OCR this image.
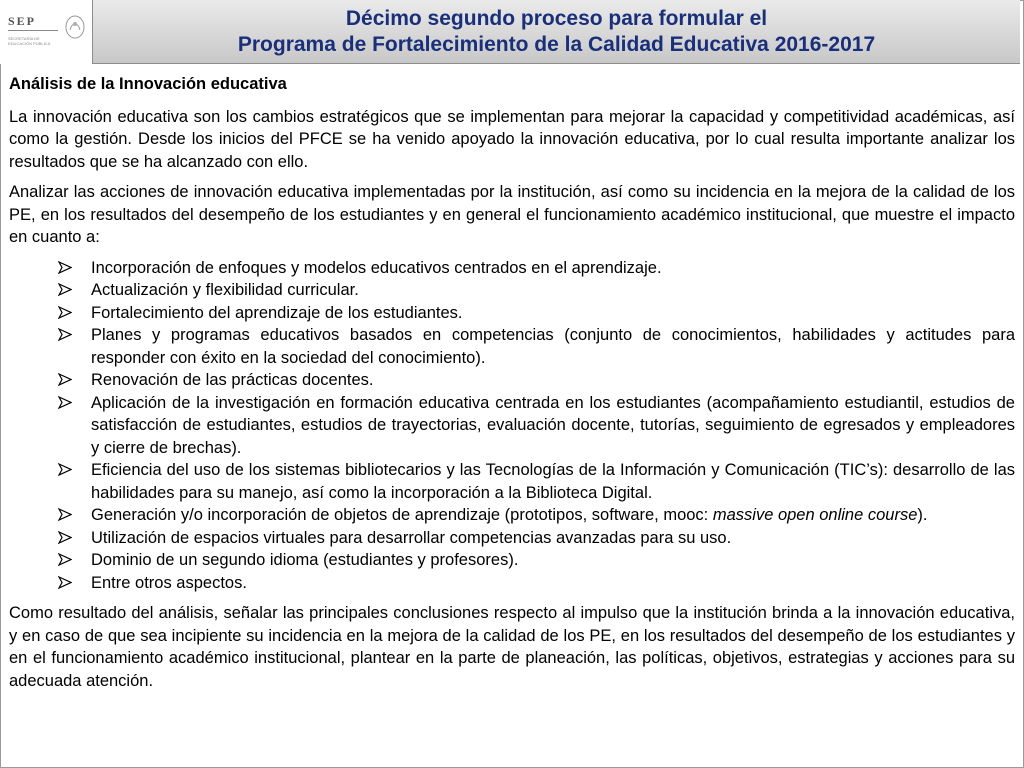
SEP
SECRETARÍA DE EDUCACIÓN PÚBLICA
Décimo segundo proceso para formular el
Programa de Fortalecimiento de la Calidad Educativa 2016-2017
Análisis de la Innovación educativa

La innovación educativa son los cambios estratégicos que se implementan para mejorar la capacidad y competitividad académicas, así como la gestión. Desde los inicios del PFCE se ha venido apoyado la innovación educativa, por lo cual resulta importante analizar los resultados que se ha alcanzado con ello.

Analizar las acciones de innovación educativa implementadas por la institución, así como su incidencia en la mejora de la calidad de los PE, en los resultados del desempeño de los estudiantes y en general el funcionamiento académico institucional, que muestre el impacto en cuanto a:

Incorporación de enfoques y modelos educativos centrados en el aprendizaje.
Actualización y flexibilidad curricular.
Fortalecimiento del aprendizaje de los estudiantes.
Planes y programas educativos basados en competencias (conjunto de conocimientos, habilidades y actitudes para responder con éxito en la sociedad del conocimiento).
Renovación de las prácticas docentes.
Aplicación de la investigación en formación educativa centrada en los estudiantes (acompañamiento estudiantil, estudios de satisfacción de estudiantes, estudios de trayectorias, evaluación docente, tutorías, seguimiento de egresados y empleadores y cierre de brechas).
Eficiencia del uso de los sistemas bibliotecarios y las Tecnologías de la Información y Comunicación (TIC’s): desarrollo de las habilidades para su manejo, así como la incorporación a la Biblioteca Digital.
Generación y/o incorporación de objetos de aprendizaje (prototipos, software, mooc: massive open online course).
Utilización de espacios virtuales para desarrollar competencias avanzadas para su uso.
Dominio de un segundo idioma (estudiantes y profesores).
Entre otros aspectos.

Como resultado del análisis, señalar las principales conclusiones respecto al impulso que la institución brinda a la innovación educativa, y en caso de que sea incipiente su incidencia en la mejora de la calidad de los PE, en los resultados del desempeño de los estudiantes y en el funcionamiento académico institucional, plantear en la parte de planeación, las políticas, objetivos, estrategias y acciones para su adecuada atención.
